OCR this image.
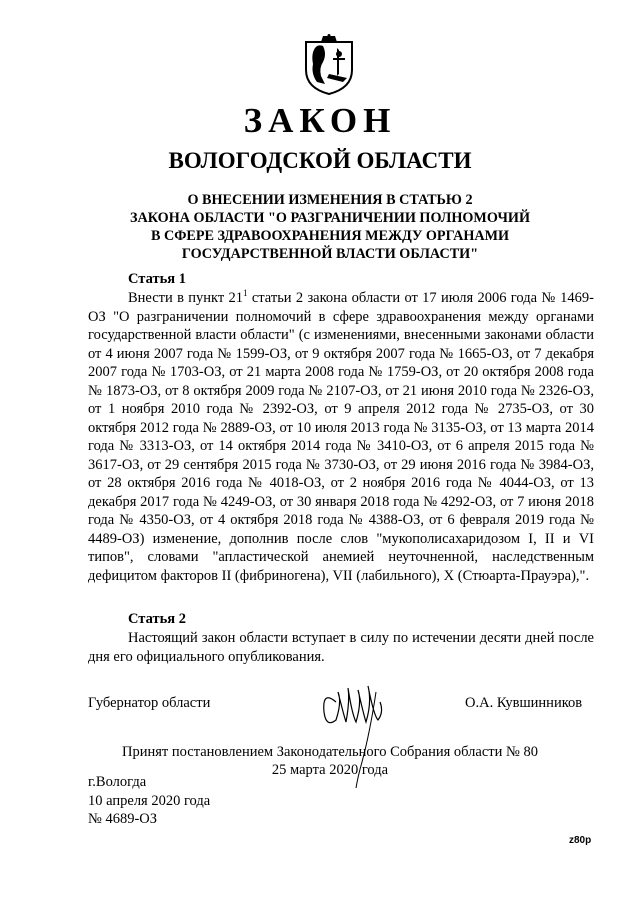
ЗАКОН
ВОЛОГОДСКОЙ ОБЛАСТИ
О ВНЕСЕНИИ ИЗМЕНЕНИЯ В СТАТЬЮ 2
ЗАКОНА ОБЛАСТИ "О РАЗГРАНИЧЕНИИ ПОЛНОМОЧИЙ
В СФЕРЕ ЗДРАВООХРАНЕНИЯ МЕЖДУ ОРГАНАМИ
ГОСУДАРСТВЕННОЙ ВЛАСТИ ОБЛАСТИ"
Статья 1
Внести в пункт $21^1$ статьи 2 закона области от 17 июля 2006 года № 1469-ОЗ "О разграничении полномочий в сфере здравоохранения между органами государственной власти области" (с изменениями, внесенными законами области от 4 июня 2007 года № 1599-ОЗ, от 9 октября 2007 года № 1665-ОЗ, от 7 декабря 2007 года № 1703-ОЗ, от 21 марта 2008 года № 1759-ОЗ, от 20 октября 2008 года № 1873-ОЗ, от 8 октября 2009 года № 2107-ОЗ, от 21 июня 2010 года № 2326-ОЗ, от 1 ноября 2010 года № 2392-ОЗ, от 9 апреля 2012 года № 2735-ОЗ, от 30 октября 2012 года № 2889-ОЗ, от 10 июля 2013 года № 3135-ОЗ, от 13 марта 2014 года № 3313-ОЗ, от 14 октября 2014 года № 3410-ОЗ, от 6 апреля 2015 года № 3617-ОЗ, от 29 сентября 2015 года № 3730-ОЗ, от 29 июня 2016 года № 3984-ОЗ, от 28 октября 2016 года № 4018-ОЗ, от 2 ноября 2016 года № 4044-ОЗ, от 13 декабря 2017 года № 4249-ОЗ, от 30 января 2018 года № 4292-ОЗ, от 7 июня 2018 года № 4350-ОЗ, от 4 октября 2018 года № 4388-ОЗ, от 6 февраля 2019 года № 4489-ОЗ) изменение, дополнив после слов "мукополисахаридозом I, II и VI типов", словами "апластической анемией неуточненной, наследственным дефицитом факторов II (фибриногена), VII (лабильного), X (Стюарта-Прауэра),".
Статья 2
Настоящий закон области вступает в силу по истечении десяти дней после дня его официального опубликования.
Губернатор области	О.А. Кувшинников
Принят постановлением Законодательного Собрания области № 80
25 марта 2020 года
г.Вологда
10 апреля 2020 года
№ 4689-ОЗ
z80p
